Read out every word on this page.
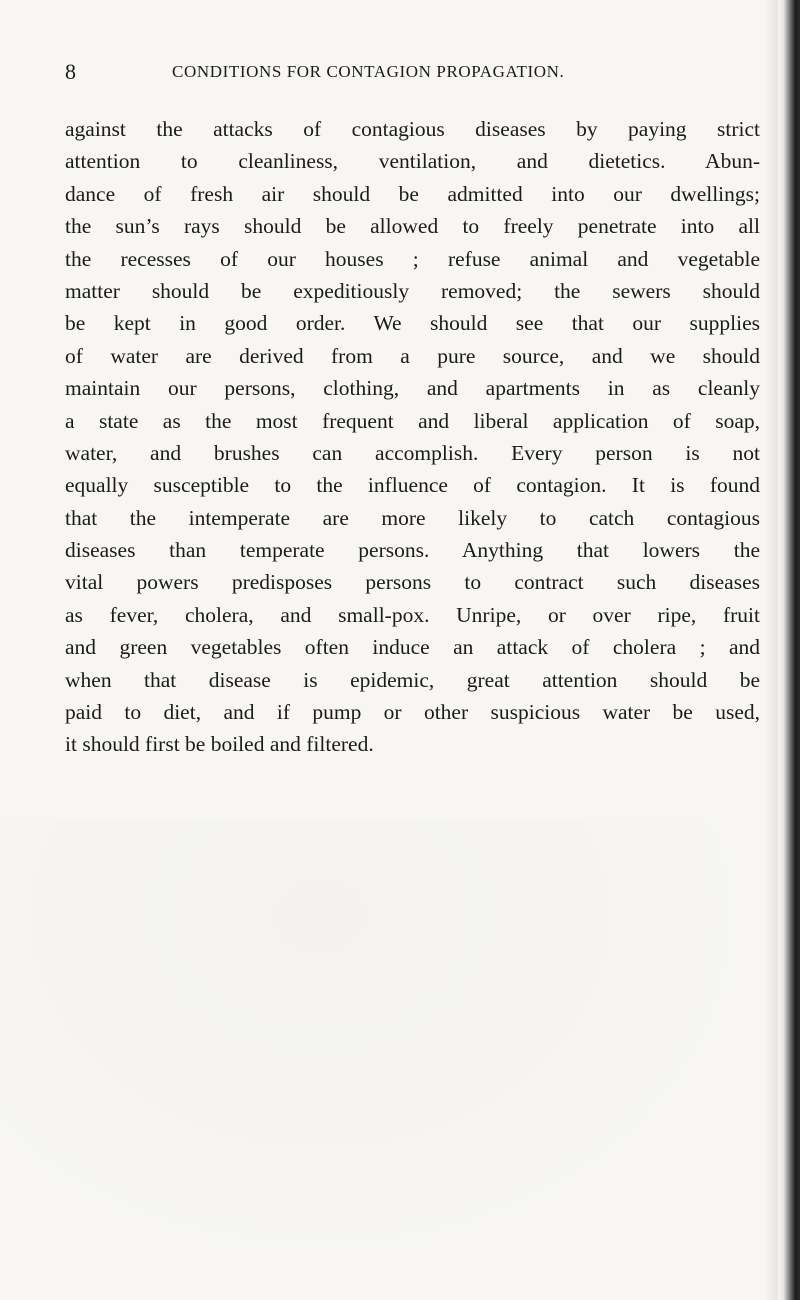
8	CONDITIONS FOR CONTAGION PROPAGATION.
against the attacks of contagious diseases by paying strict
attention to cleanliness, ventilation, and dietetics. Abun-
dance of fresh air should be admitted into our dwellings;
the sun’s rays should be allowed to freely penetrate into all
the recesses of our houses ; refuse animal and vegetable
matter should be expeditiously removed; the sewers should
be kept in good order. We should see that our supplies
of water are derived from a pure source, and we should
maintain our persons, clothing, and apartments in as cleanly
a state as the most frequent and liberal application of soap,
water, and brushes can accomplish. Every person is not
equally susceptible to the influence of contagion. It is found
that the intemperate are more likely to catch contagious
diseases than temperate persons. Anything that lowers the
vital powers predisposes persons to contract such diseases
as fever, cholera, and small-pox. Unripe, or over ripe, fruit
and green vegetables often induce an attack of cholera ; and
when that disease is epidemic, great attention should be
paid to diet, and if pump or other suspicious water be used,
it should first be boiled and filtered.
